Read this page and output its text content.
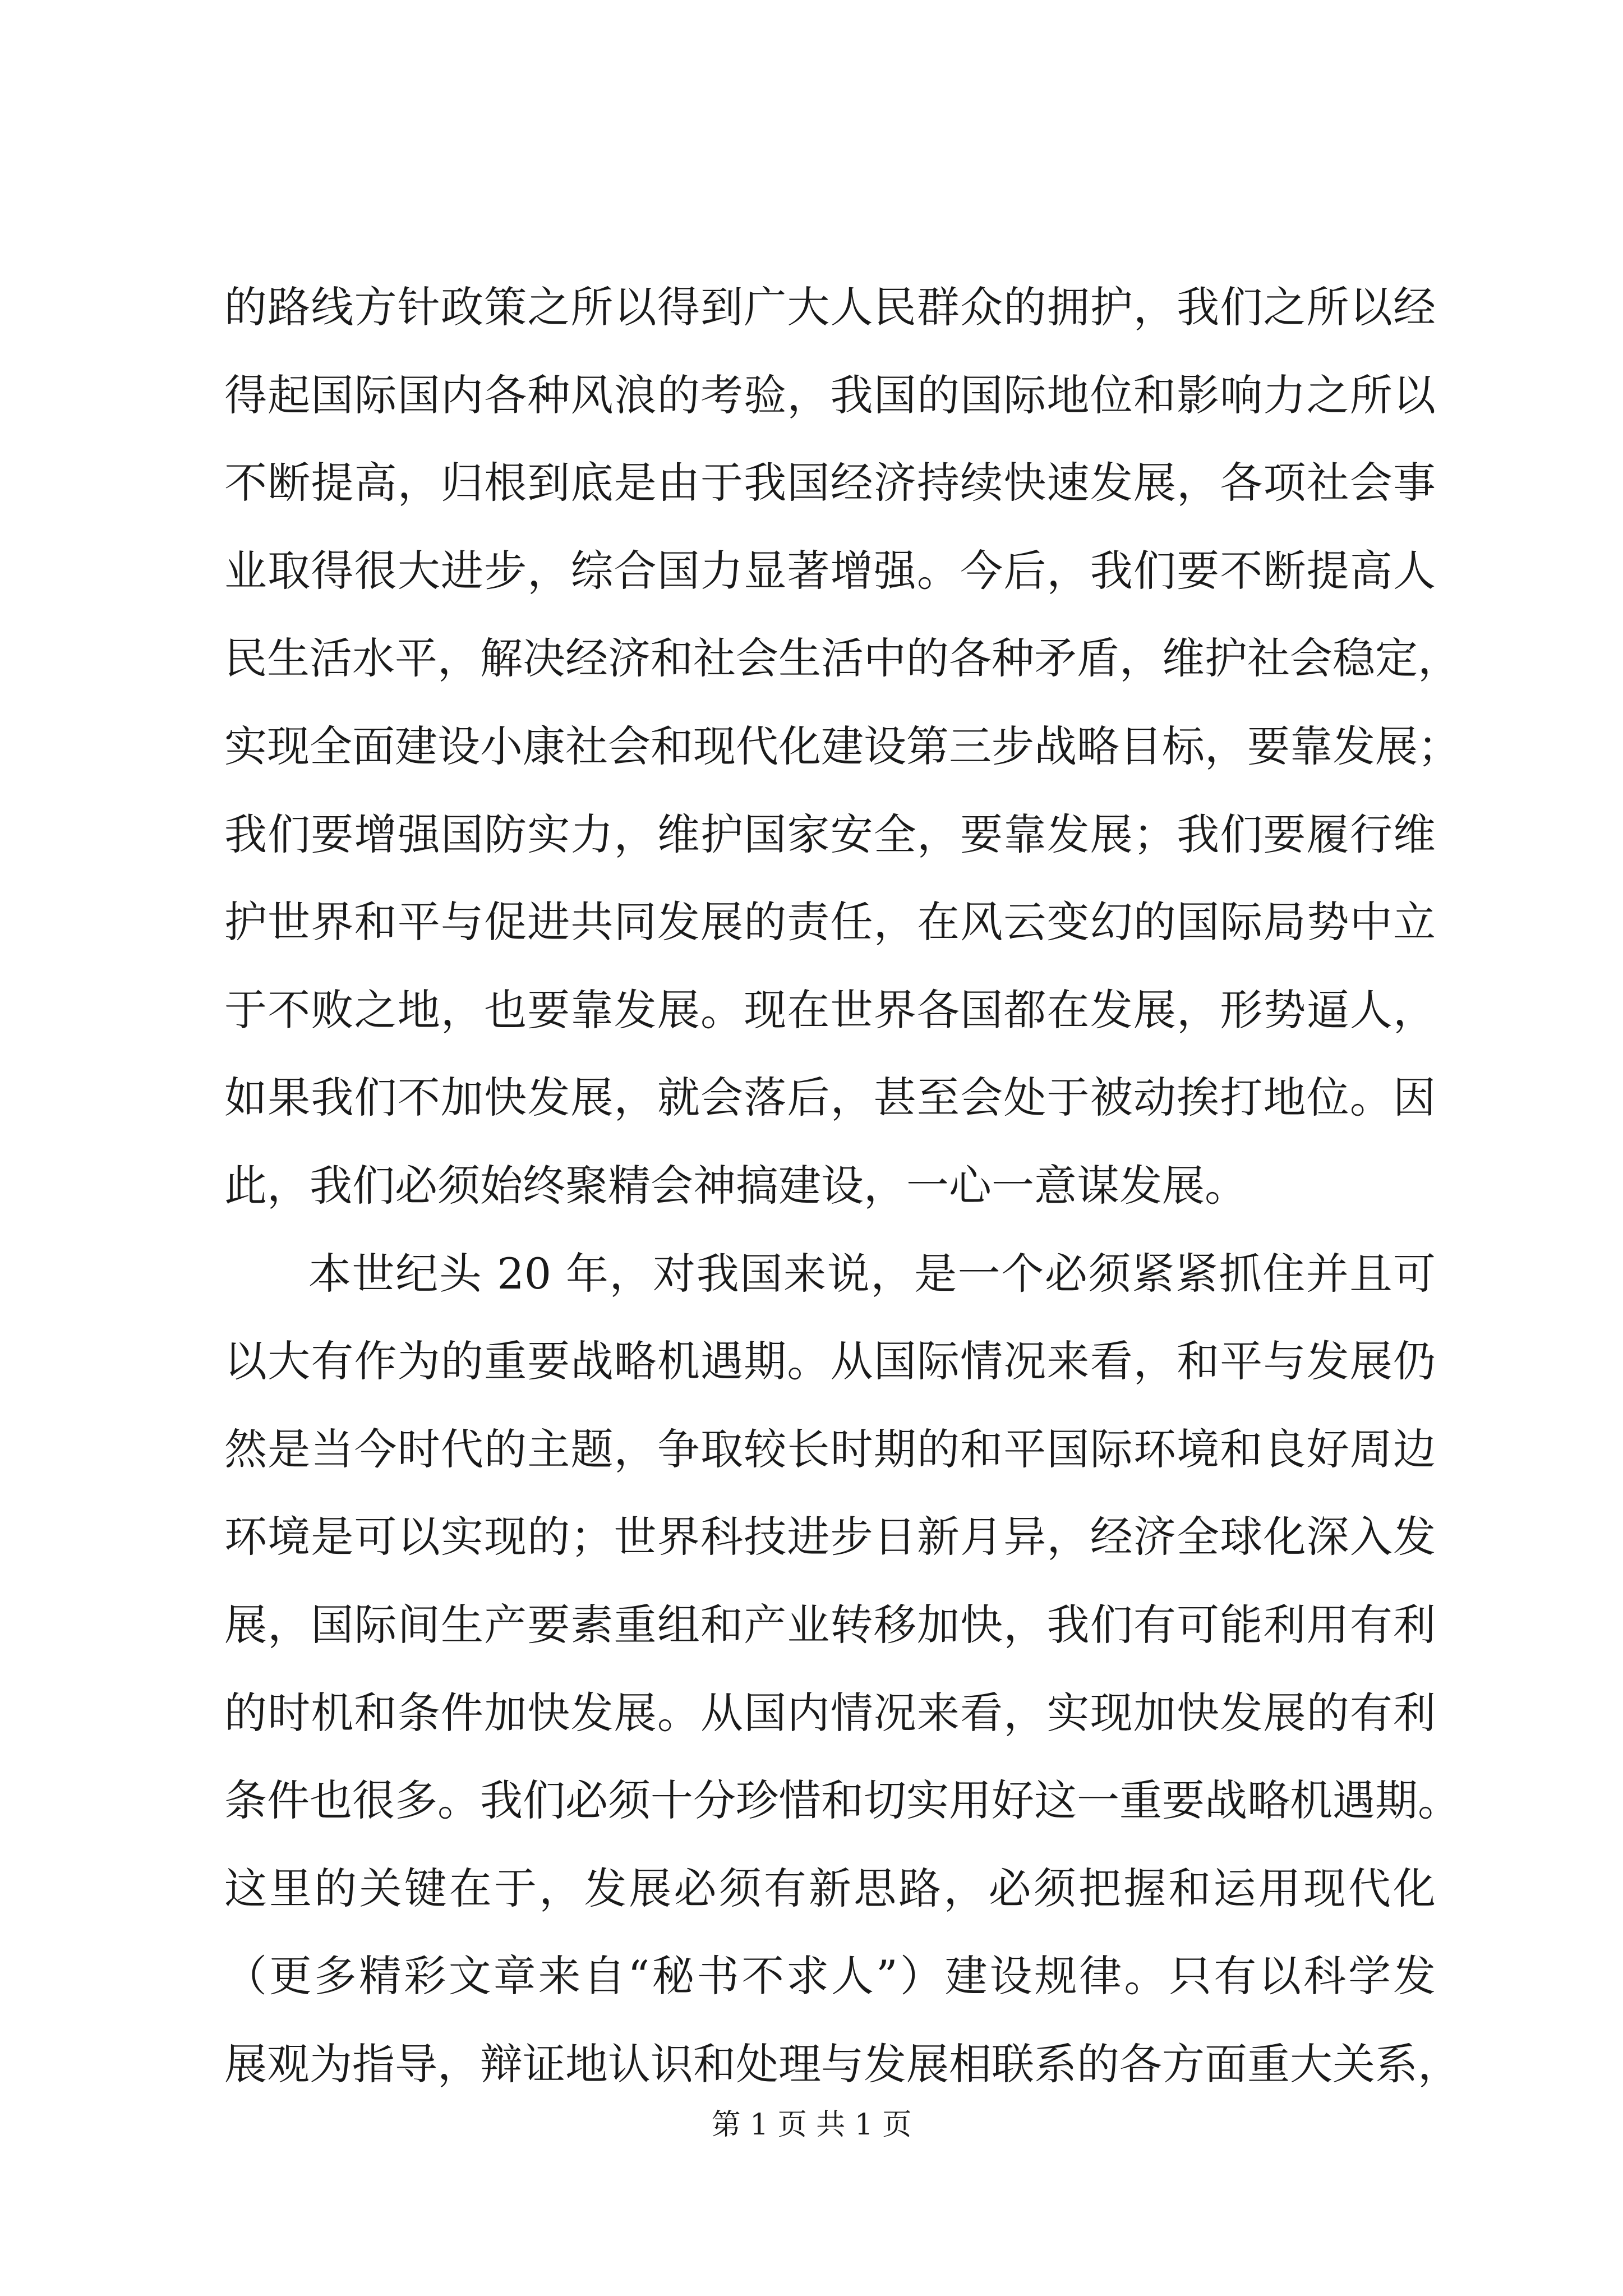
的路线方针政策之所以得到广大人民群众的拥护，我们之所以经
得起国际国内各种风浪的考验，我国的国际地位和影响力之所以
不断提高，归根到底是由于我国经济持续快速发展，各项社会事
业取得很大进步，综合国力显著增强。今后，我们要不断提高人
民生活水平，解决经济和社会生活中的各种矛盾，维护社会稳定，
实现全面建设小康社会和现代化建设第三步战略目标，要靠发展；
我们要增强国防实力，维护国家安全，要靠发展；我们要履行维
护世界和平与促进共同发展的责任，在风云变幻的国际局势中立
于不败之地，也要靠发展。现在世界各国都在发展，形势逼人，
如果我们不加快发展，就会落后，甚至会处于被动挨打地位。因
此，我们必须始终聚精会神搞建设，一心一意谋发展。
本世纪头 20 年，对我国来说，是一个必须紧紧抓住并且可
以大有作为的重要战略机遇期。从国际情况来看，和平与发展仍
然是当今时代的主题，争取较长时期的和平国际环境和良好周边
环境是可以实现的；世界科技进步日新月异，经济全球化深入发
展，国际间生产要素重组和产业转移加快，我们有可能利用有利
的时机和条件加快发展。从国内情况来看，实现加快发展的有利
条件也很多。我们必须十分珍惜和切实用好这一重要战略机遇期。
这里的关键在于，发展必须有新思路，必须把握和运用现代化
（更多精彩文章来自“秘书不求人”）建设规律。只有以科学发
展观为指导，辩证地认识和处理与发展相联系的各方面重大关系，
第 1 页 共 1 页
